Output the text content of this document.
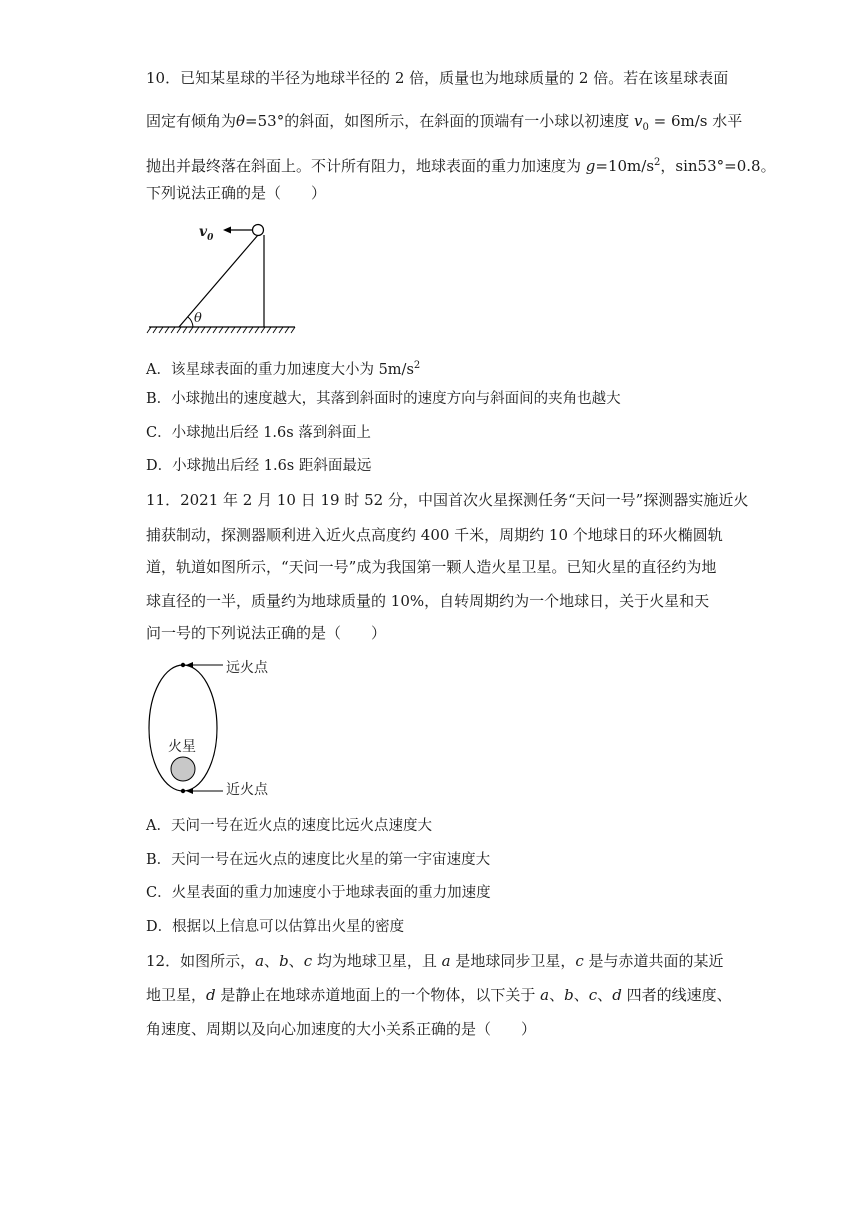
10．已知某星球的半径为地球半径的 2 倍，质量也为地球质量的 2 倍。若在该星球表面
固定有倾角为θ=53°的斜面，如图所示，在斜面的顶端有一小球以初速度 $v_0 = 6m/s$ 水平
抛出并最终落在斜面上。不计所有阻力，地球表面的重力加速度为 $g=10m/s^2$，sin53°=0.8。
下列说法正确的是（　　）
$v_0$
θ
A．该星球表面的重力加速度大小为 $5m/s^2$
B．小球抛出的速度越大，其落到斜面时的速度方向与斜面间的夹角也越大
C．小球抛出后经 1.6s 落到斜面上
D．小球抛出后经 1.6s 距斜面最远
11．2021 年 2 月 10 日 19 时 52 分，中国首次火星探测任务“天问一号”探测器实施近火
捕获制动，探测器顺利进入近火点高度约 400 千米，周期约 10 个地球日的环火椭圆轨
道，轨道如图所示，“天问一号”成为我国第一颗人造火星卫星。已知火星的直径约为地
球直径的一半，质量约为地球质量的 10%，自转周期约为一个地球日，关于火星和天
问一号的下列说法正确的是（　　）
远火点
火星
近火点
A．天问一号在近火点的速度比远火点速度大
B．天问一号在远火点的速度比火星的第一宇宙速度大
C．火星表面的重力加速度小于地球表面的重力加速度
D．根据以上信息可以估算出火星的密度
12．如图所示，a、b、c 均为地球卫星，且 a 是地球同步卫星，c 是与赤道共面的某近
地卫星，d 是静止在地球赤道地面上的一个物体，以下关于 a、b、c、d 四者的线速度、
角速度、周期以及向心加速度的大小关系正确的是（　　）
